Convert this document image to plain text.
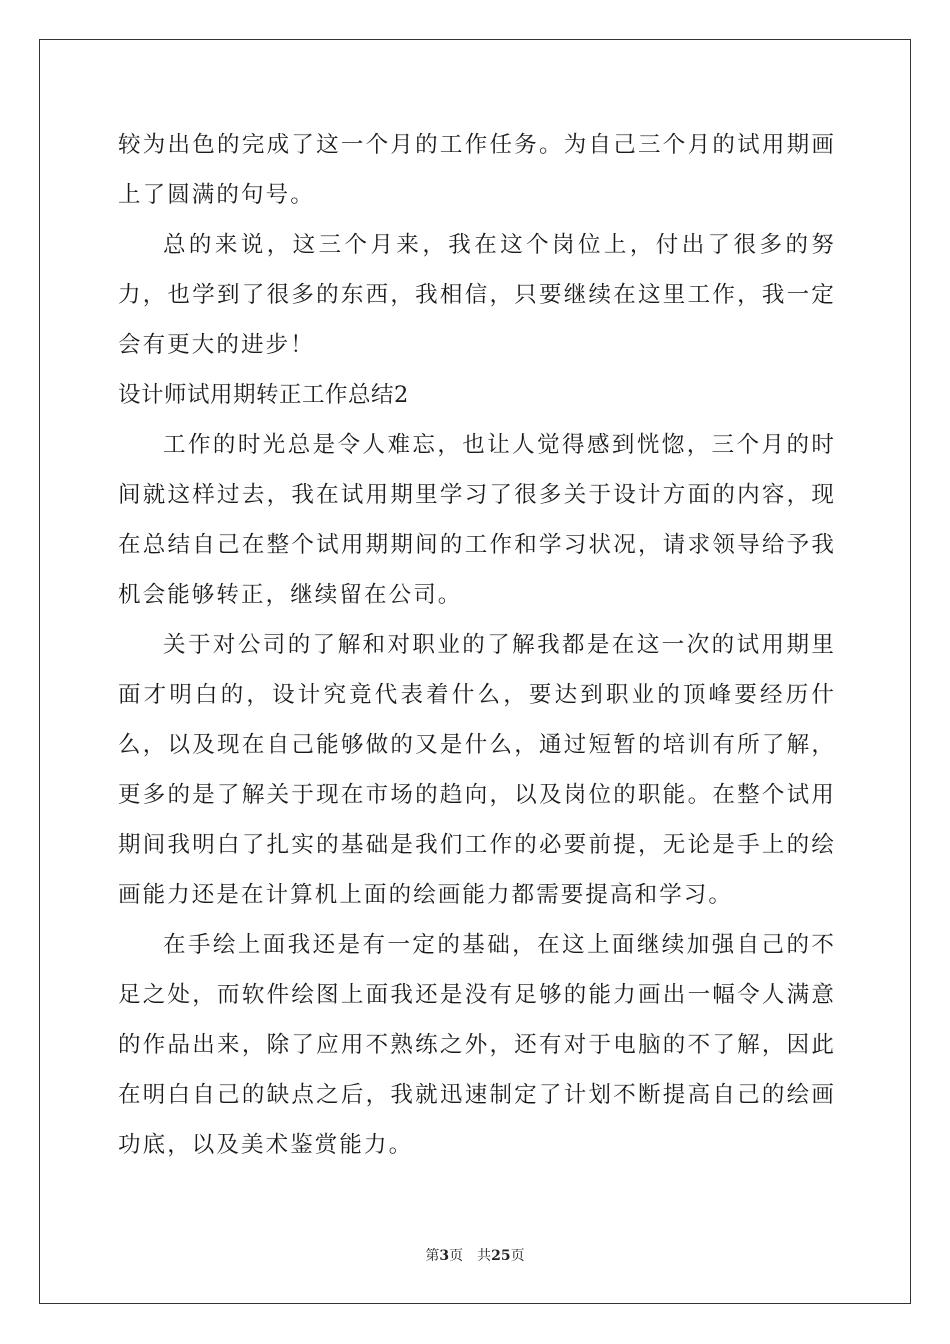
较为出色的完成了这一个月的工作任务。为自己三个月的试用期画上了圆满的句号。

总的来说，这三个月来，我在这个岗位上，付出了很多的努力，也学到了很多的东西，我相信，只要继续在这里工作，我一定会有更大的进步！

设计师试用期转正工作总结2

工作的时光总是令人难忘，也让人觉得感到恍惚，三个月的时间就这样过去，我在试用期里学习了很多关于设计方面的内容，现在总结自己在整个试用期期间的工作和学习状况，请求领导给予我机会能够转正，继续留在公司。

关于对公司的了解和对职业的了解我都是在这一次的试用期里面才明白的，设计究竟代表着什么，要达到职业的顶峰要经历什么，以及现在自己能够做的又是什么，通过短暂的培训有所了解，更多的是了解关于现在市场的趋向，以及岗位的职能。在整个试用期间我明白了扎实的基础是我们工作的必要前提，无论是手上的绘画能力还是在计算机上面的绘画能力都需要提高和学习。

在手绘上面我还是有一定的基础，在这上面继续加强自己的不足之处，而软件绘图上面我还是没有足够的能力画出一幅令人满意的作品出来，除了应用不熟练之外，还有对于电脑的不了解，因此在明白自己的缺点之后，我就迅速制定了计划不断提高自己的绘画功底，以及美术鉴赏能力。

第3页 共25页
